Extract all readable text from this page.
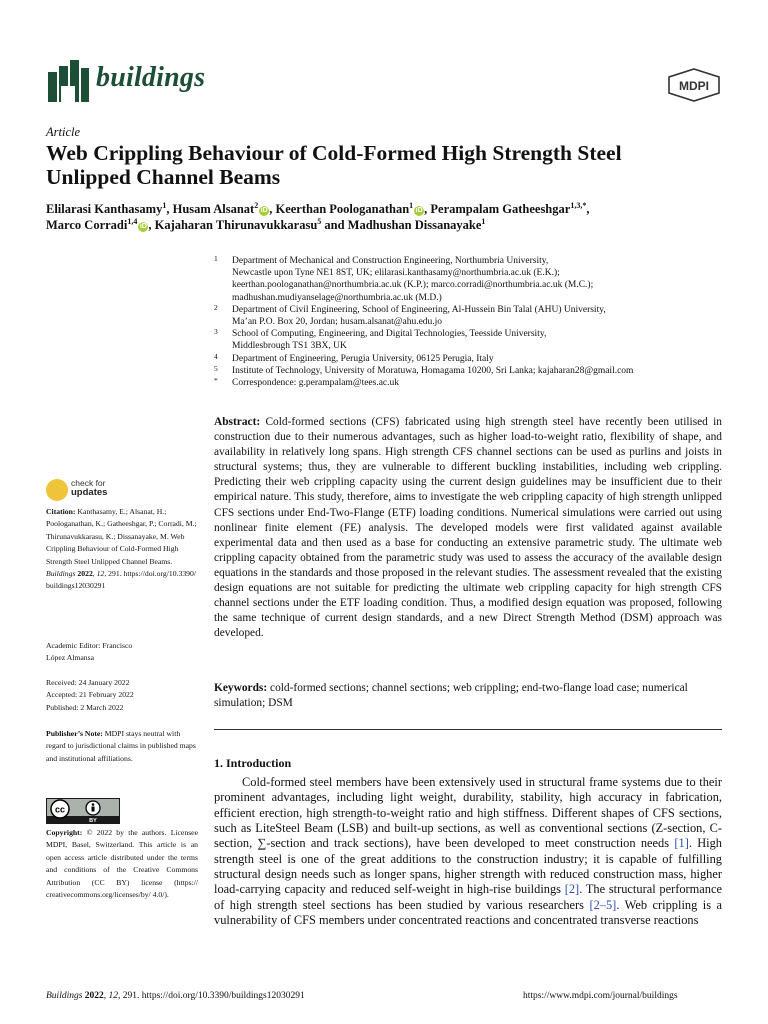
buildings	MDPI
Article
Web Crippling Behaviour of Cold-Formed High Strength Steel
Unlipped Channel Beams
Elilarasi Kanthasamy$^1$, Husam Alsanat$^2$iD , Keerthan Poologanathan$^1$iD , Perampalam Gatheeshgar$^{1,3,*}$,
Marco Corradi$^{1,4}$iD , Kajaharan Thirunavukkarasu$^5$ and Madhushan Dissanayake$^1$
1 Department of Mechanical and Construction Engineering, Northumbria University,
Newcastle upon Tyne NE1 8ST, UK; elilarasi.kanthasamy@northumbria.ac.uk (E.K.);
keerthan.poologanathan@northumbria.ac.uk (K.P.); marco.corradi@northumbria.ac.uk (M.C.);
madhushan.mudiyanselage@northumbria.ac.uk (M.D.)
2 Department of Civil Engineering, School of Engineering, Al-Hussein Bin Talal (AHU) University,
Ma’an P.O. Box 20, Jordan; husam.alsanat@ahu.edu.jo
3 School of Computing, Engineering, and Digital Technologies, Teesside University,
Middlesbrough TS1 3BX, UK
4 Department of Engineering, Perugia University, 06125 Perugia, Italy
5 Institute of Technology, University of Moratuwa, Homagama 10200, Sri Lanka; kajaharan28@gmail.com
* Correspondence: g.perampalam@tees.ac.uk
Abstract: Cold-formed sections (CFS) fabricated using high strength steel have recently been utilised in construction due to their numerous advantages, such as higher load-to-weight ratio, flexibility of shape, and availability in relatively long spans. High strength CFS channel sections can be used as purlins and joists in structural systems; thus, they are vulnerable to different buckling instabilities, including web crippling. Predicting their web crippling capacity using the current design guidelines may be insufficient due to their empirical nature. This study, therefore, aims to investigate the web crippling capacity of high strength unlipped CFS sections under End-Two-Flange (ETF) loading conditions. Numerical simulations were carried out using nonlinear finite element (FE) analysis. The developed models were first validated against available experimental data and then used as a base for conducting an extensive parametric study. The ultimate web crippling capacity obtained from the parametric study was used to assess the accuracy of the available design equations in the standards and those proposed in the relevant studies. The assessment revealed that the existing design equations are not suitable for predicting the ultimate web crippling capacity for high strength CFS channel sections under the ETF loading condition. Thus, a modified design equation was proposed, following the same technique of current design standards, and a new Direct Strength Method (DSM) approach was developed.
Keywords: cold-formed sections; channel sections; web crippling; end-two-flange load case; numerical simulation; DSM
1. Introduction
Cold-formed steel members have been extensively used in structural frame systems due to their prominent advantages, including light weight, durability, stability, high accuracy in fabrication, efficient erection, high strength-to-weight ratio and high stiffness. Different shapes of CFS sections, such as LiteSteel Beam (LSB) and built-up sections, as well as conventional sections (Z-section, C-section, ∑-section and track sections), have been developed to meet construction needs [1]. High strength steel is one of the great additions to the construction industry; it is capable of fulfilling structural design needs such as longer spans, higher strength with reduced construction mass, higher load-carrying capacity and reduced self-weight in high-rise buildings [2]. The structural performance of high strength steel sections has been studied by various researchers [2–5]. Web crippling is a vulnerability of CFS members under concentrated reactions and concentrated transverse reactions
check for
updates
Citation: Kanthasamy, E.; Alsanat, H.; Poologanathan, K.; Gatheeshgar, P.; Corradi, M.; Thirunavukkarasu, K.; Dissanayake, M. Web Crippling Behaviour of Cold-Formed High Strength Steel Unlipped Channel Beams. Buildings 2022, 12, 291. https://doi.org/10.3390/ buildings12030291
Academic Editor: Francisco
López Almansa
Received: 24 January 2022
Accepted: 21 February 2022
Published: 2 March 2022
Publisher’s Note: MDPI stays neutral with regard to jurisdictional claims in published maps and institutional affiliations.
cc
BY
Copyright: © 2022 by the authors. Licensee MDPI, Basel, Switzerland. This article is an open access article distributed under the terms and conditions of the Creative Commons Attribution (CC BY) license (https:// creativecommons.org/licenses/by/ 4.0/).
Buildings 2022, 12, 291. https://doi.org/10.3390/buildings12030291	https://www.mdpi.com/journal/buildings
